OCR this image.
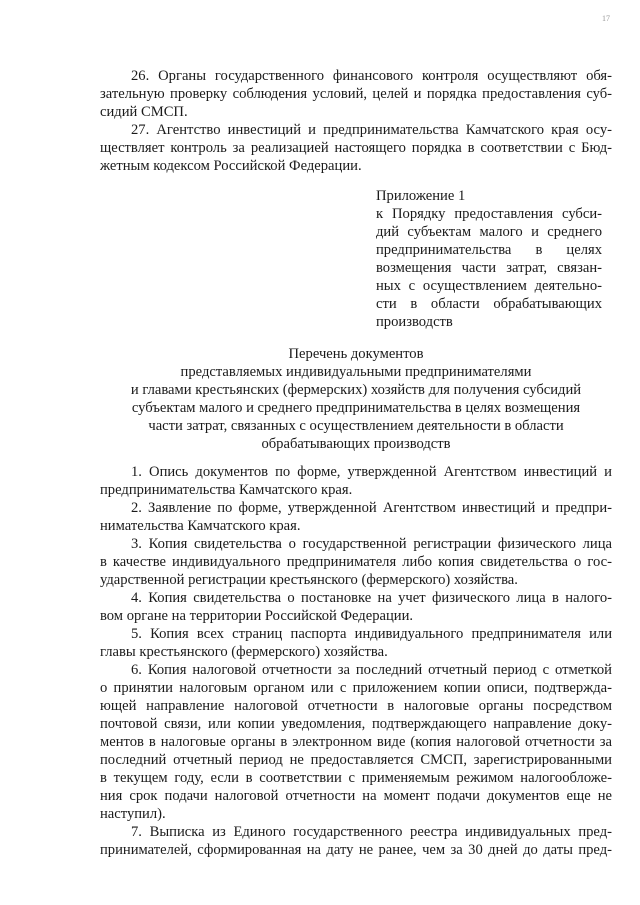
17
26. Органы государственного финансового контроля осуществляют обя-
зательную проверку соблюдения условий, целей и порядка предоставления суб-
сидий СМСП.
27. Агентство инвестиций и предпринимательства Камчатского края осу-
ществляет контроль за реализацией настоящего порядка в соответствии с Бюд-
жетным кодексом Российской Федерации.
Приложение 1
к Порядку предоставления субси-
дий субъектам малого и среднего
предпринимательства в целях
возмещения части затрат, связан-
ных с осуществлением деятельно-
сти в области обрабатывающих
производств
Перечень документов
представляемых индивидуальными предпринимателями
и главами крестьянских (фермерских) хозяйств для получения субсидий
субъектам малого и среднего предпринимательства в целях возмещения
части затрат, связанных с осуществлением деятельности в области
обрабатывающих производств
1. Опись документов по форме, утвержденной Агентством инвестиций и
предпринимательства Камчатского края.
2. Заявление по форме, утвержденной Агентством инвестиций и предпри-
нимательства Камчатского края.
3. Копия свидетельства о государственной регистрации физического лица
в качестве индивидуального предпринимателя либо копия свидетельства о гос-
ударственной регистрации крестьянского (фермерского) хозяйства.
4. Копия свидетельства о постановке на учет физического лица в налого-
вом органе на территории Российской Федерации.
5. Копия всех страниц паспорта индивидуального предпринимателя или
главы крестьянского (фермерского) хозяйства.
6. Копия налоговой отчетности за последний отчетный период с отметкой
о принятии налоговым органом или с приложением копии описи, подтвержда-
ющей направление налоговой отчетности в налоговые органы посредством
почтовой связи, или копии уведомления, подтверждающего направление доку-
ментов в налоговые органы в электронном виде (копия налоговой отчетности за
последний отчетный период не предоставляется СМСП, зарегистрированными
в текущем году, если в соответствии с применяемым режимом налогообложе-
ния срок подачи налоговой отчетности на момент подачи документов еще не
наступил).
7. Выписка из Единого государственного реестра индивидуальных пред-
принимателей, сформированная на дату не ранее, чем за 30 дней до даты пред-
